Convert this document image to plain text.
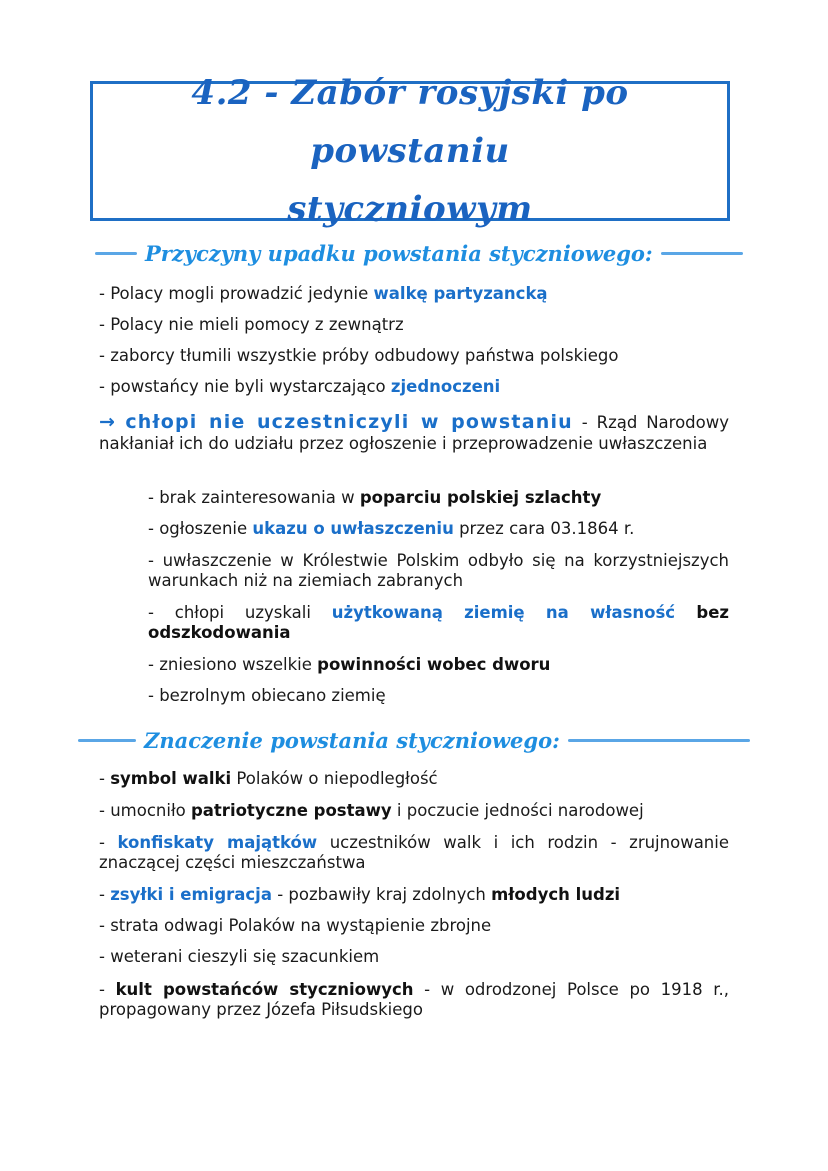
4.2 - Zabór rosyjski po powstaniu
styczniowym
Przyczyny upadku powstania styczniowego:
- Polacy mogli prowadzić jedynie walkę partyzancką
- Polacy nie mieli pomocy z zewnątrz
- zaborcy tłumili wszystkie próby odbudowy państwa polskiego
- powstańcy nie byli wystarczająco zjednoczeni
→ chłopi nie uczestniczyli w powstaniu - Rząd Narodowy nakłaniał ich do udziału przez ogłoszenie i przeprowadzenie uwłaszczenia
- brak zainteresowania w poparciu polskiej szlachty
- ogłoszenie ukazu o uwłaszczeniu przez cara 03.1864 r.
- uwłaszczenie w Królestwie Polskim odbyło się na korzystniejszych warunkach niż na ziemiach zabranych
- chłopi uzyskali użytkowaną ziemię na własność bez odszkodowania
- zniesiono wszelkie powinności wobec dworu
- bezrolnym obiecano ziemię
Znaczenie powstania styczniowego:
- symbol walki Polaków o niepodległość
- umocniło patriotyczne postawy i poczucie jedności narodowej
- konfiskaty majątków uczestników walk i ich rodzin - zrujnowanie znaczącej części mieszczaństwa
- zsyłki i emigracja - pozbawiły kraj zdolnych młodych ludzi
- strata odwagi Polaków na wystąpienie zbrojne
- weterani cieszyli się szacunkiem
- kult powstańców styczniowych - w odrodzonej Polsce po 1918 r., propagowany przez Józefa Piłsudskiego
